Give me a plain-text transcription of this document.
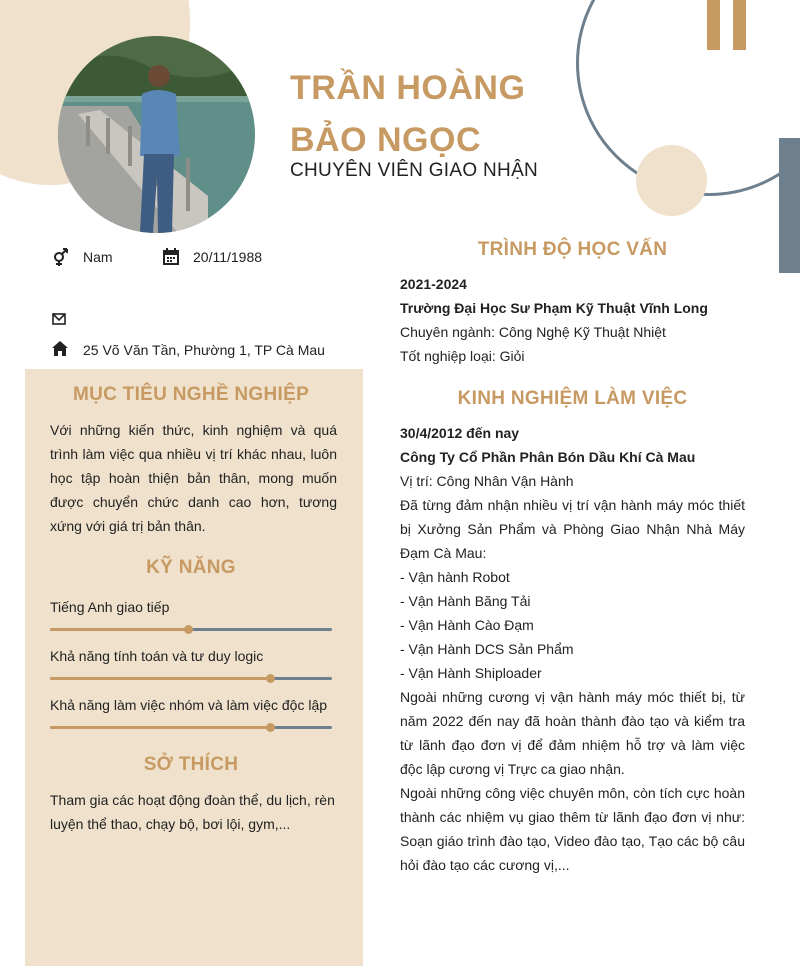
TRẦN HOÀNG
BẢO NGỌC
CHUYÊN VIÊN GIAO NHẬN
Nam	20/11/1988
25 Võ Văn Tần, Phường 1, TP Cà Mau
MỤC TIÊU NGHỀ NGHIỆP
Với những kiến thức, kinh nghiệm và quá trình làm việc qua nhiều vị trí khác nhau, luôn học tập hoàn thiện bản thân, mong muốn được chuyển chức danh cao hơn, tương xứng với giá trị bản thân.
KỸ NĂNG
Tiếng Anh giao tiếp
Khả năng tính toán và tư duy logic
Khả năng làm việc nhóm và làm việc độc lập
SỞ THÍCH
Tham gia các hoạt động đoàn thể, du lịch, rèn luyện thể thao, chạy bộ, bơi lội, gym,...
TRÌNH ĐỘ HỌC VẤN
2021-2024
Trường Đại Học Sư Phạm Kỹ Thuật Vĩnh Long
Chuyên ngành: Công Nghệ Kỹ Thuật Nhiệt
Tốt nghiệp loại: Giỏi
KINH NGHIỆM LÀM VIỆC
30/4/2012 đến nay
Công Ty Cổ Phần Phân Bón Dầu Khí Cà Mau
Vị trí: Công Nhân Vận Hành
Đã từng đảm nhận nhiều vị trí vận hành máy móc thiết bị Xưởng Sản Phẩm và Phòng Giao Nhận Nhà Máy Đạm Cà Mau:
- Vận hành Robot
- Vận Hành Băng Tải
- Vận Hành Cào Đạm
- Vận Hành DCS Sản Phẩm
- Vận Hành Shiploader
Ngoài những cương vị vận hành máy móc thiết bị, từ năm 2022 đến nay đã hoàn thành đào tạo và kiểm tra từ lãnh đạo đơn vị để đảm nhiệm hỗ trợ và làm việc độc lập cương vị Trực ca giao nhận.
Ngoài những công việc chuyên môn, còn tích cực hoàn thành các nhiệm vụ giao thêm từ lãnh đạo đơn vị như: Soạn giáo trình đào tạo, Video đào tạo, Tạo các bộ câu hỏi đào tạo các cương vị,...
